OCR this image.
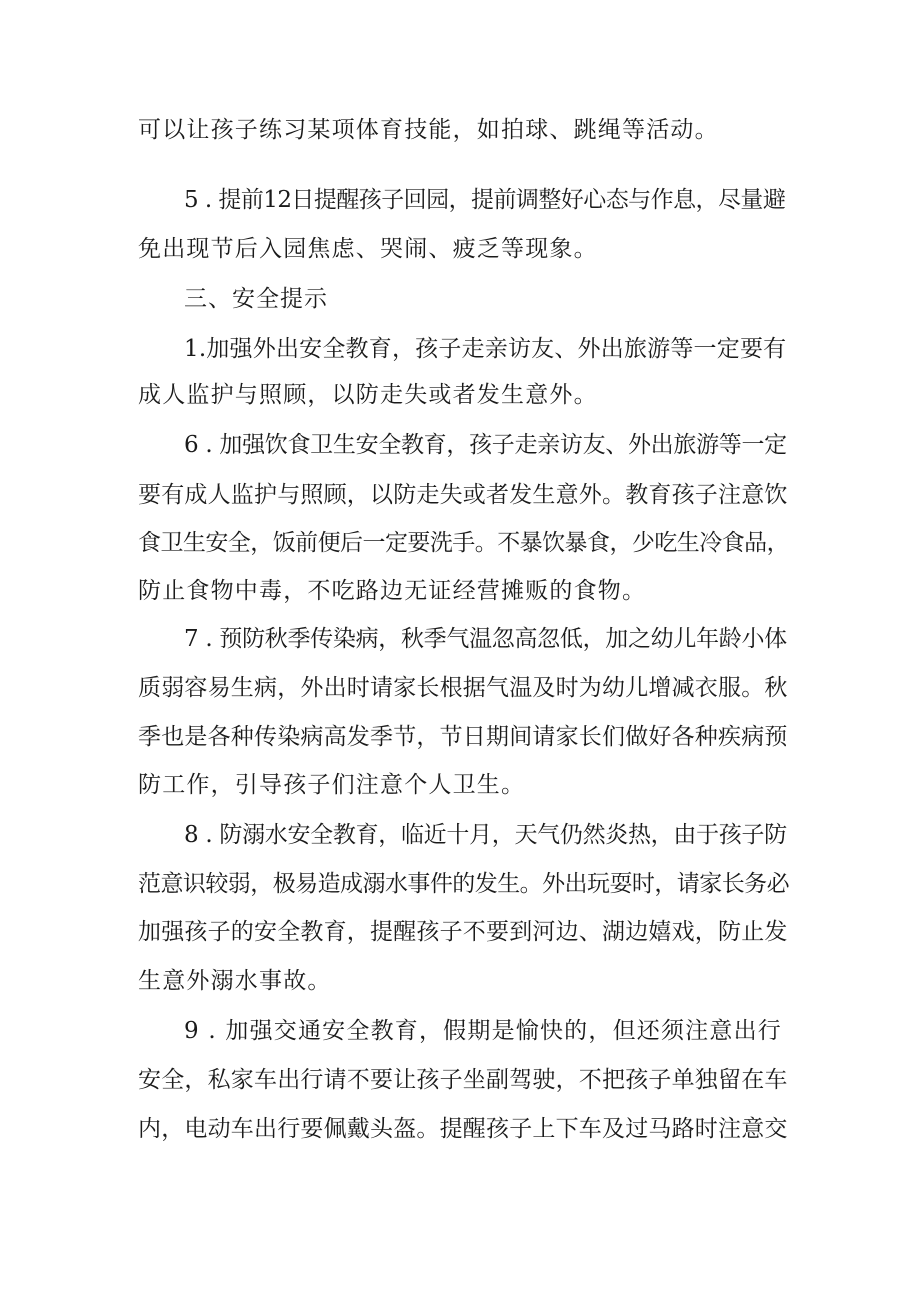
可以让孩子练习某项体育技能，如拍球、跳绳等活动。

5 . 提前12日提醒孩子回园，提前调整好心态与作息，尽量避

免出现节后入园焦虑、哭闹、疲乏等现象。

三、安全提示

1.加强外出安全教育，孩子走亲访友、外出旅游等一定要有

成人监护与照顾，以防走失或者发生意外。

6 . 加强饮食卫生安全教育，孩子走亲访友、外出旅游等一定

要有成人监护与照顾，以防走失或者发生意外。教育孩子注意饮

食卫生安全，饭前便后一定要洗手。不暴饮暴食，少吃生冷食品，

防止食物中毒，不吃路边无证经营摊贩的食物。

7 . 预防秋季传染病，秋季气温忽高忽低，加之幼儿年龄小体

质弱容易生病，外出时请家长根据气温及时为幼儿增减衣服。秋

季也是各种传染病高发季节，节日期间请家长们做好各种疾病预

防工作，引导孩子们注意个人卫生。

8 . 防溺水安全教育，临近十月，天气仍然炎热，由于孩子防

范意识较弱，极易造成溺水事件的发生。外出玩耍时，请家长务必

加强孩子的安全教育，提醒孩子不要到河边、湖边嬉戏，防止发

生意外溺水事故。

9 . 加强交通安全教育，假期是愉快的，但还须注意出行

安全，私家车出行请不要让孩子坐副驾驶，不把孩子单独留在车

内，电动车出行要佩戴头盔。提醒孩子上下车及过马路时注意交
